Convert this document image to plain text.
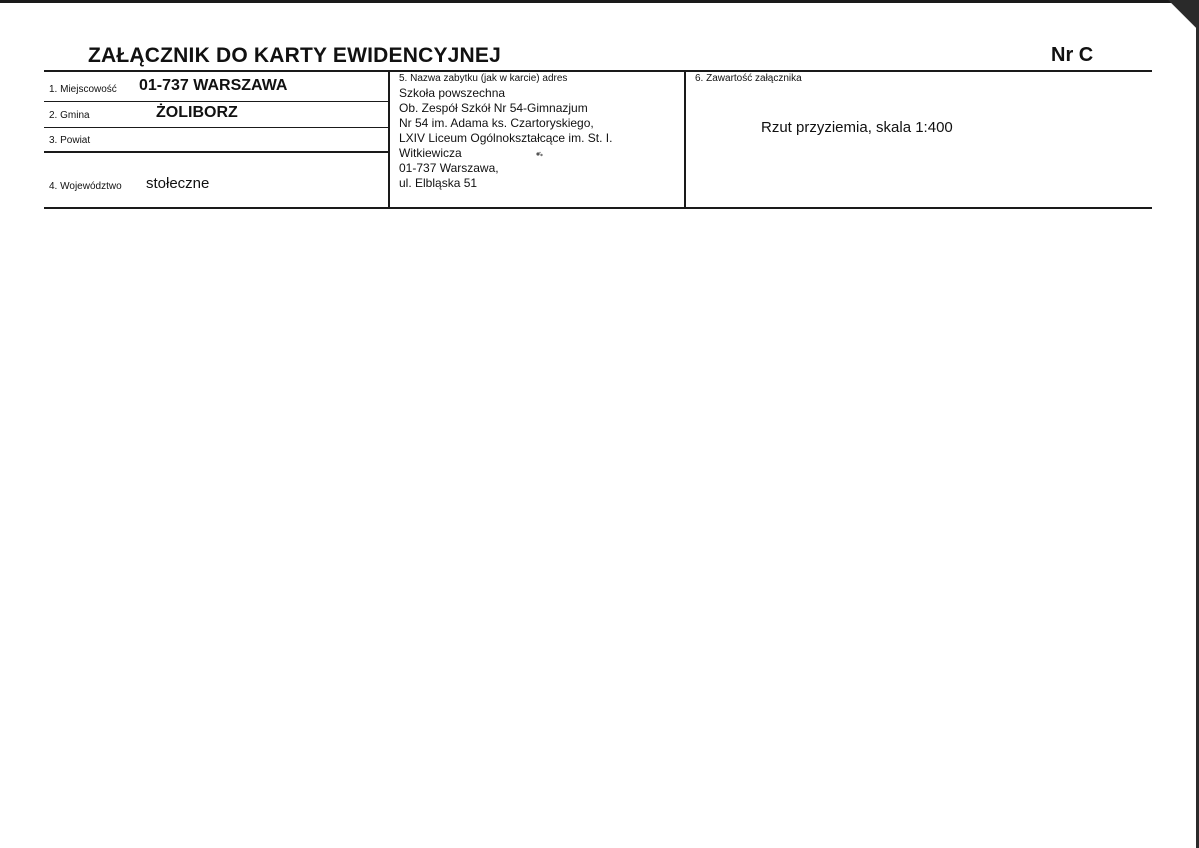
ZAŁĄCZNIK DO KARTY EWIDENCYJNEJ	Nr C
1. Miejscowość 01-737 WARSZAWA
2. Gmina	ŻOLIBORZ
3. Powiat
4. Województwo stołeczne
5. Nazwa zabytku (jak w karcie) adres
Szkoła powszechna
Ob. Zespół Szkół Nr 54-Gimnazjum
Nr 54 im. Adama ks. Czartoryskiego,
LXIV Liceum Ogólnokształcące im. St. I.
Witkiewicza
01-737 Warszawa,
ul. Elbląska 51
6. Zawartość załącznika
Rzut przyziemia, skala 1:400
